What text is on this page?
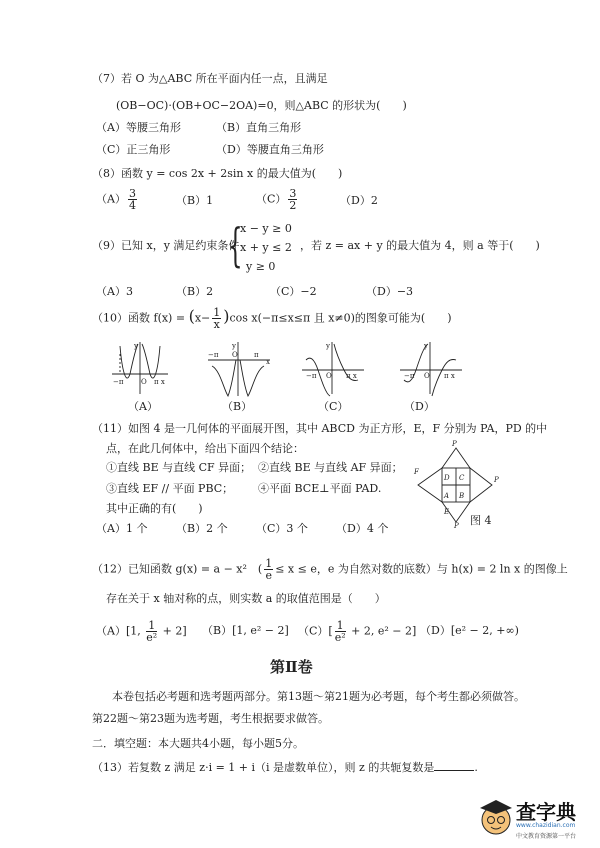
（7）若 O 为△ABC 所在平面内任一点，且满足
(OB−OC)·(OB+OC−2OA)=0，则△ABC 的形状为(　　)
（A）等腰三角形	（B）直角三角形
（C）正三角形	（D）等腰直角三角形
（8）函数 y = cos 2x + 2sin x 的最大值为(　　)
$(A) \frac{3}{4}$	（B）1	$(C) \frac{3}{2}$	（D）2
（9）已知 x，y 满足约束条件
{
x − y ≥ 0
x + y ≤ 2
y ≥ 0
，若 z = ax + y 的最大值为 4，则 a 等于(　　)
（A）3	（B）2	（C）−2	（D）−3
（10）函数 $f(x) = (x- \frac{1}{x} )\cos$ x(−π≤x≤π 且 x≠0)的图象可能为(　　)
y
−π	O π x
y
−π O π
x
y
−π O π x
y
−π O π x
（A）	（B）	（C）	（D）
（11）如图 4 是一几何体的平面展开图，其中 ABCD 为正方形，E，F 分别为 PA，PD 的中
点，在此几何体中，给出下面四个结论：
①直线 BE 与直线 CF 异面； ②直线 BE 与直线 AF 异面；
③直线 EF // 平面 PBC； ④平面 BCE⊥平面 PAD.
其中正确的有(　　)
（A）1 个	（B）2 个	（C）3 个	（D）4 个
P
P
F
D C
A B
E
P 图 4
（12）已知函数 g(x) = a − x²　( $\frac{1}{e} \le x \le e$，e 为自然对数的底数）与 h(x) = 2 ln x 的图像上
存在关于 x 轴对称的点，则实数 a 的取值范围是（　　）
（A）[1, $\frac{1}{\text{e²}} + 2$] （B）[1, e² − 2] $(C)[ \frac{1}{\text{e²}} + 2$, e² − 2] （D）[e² − 2, +∞)
第Ⅱ卷
本卷包括必考题和选考题两部分。第13题～第21题为必考题，每个考生都必须做答。
第22题～第23题为选考题，考生根据要求做答。
二．填空题：本大题共4小题，每小题5分。
（13）若复数 z 满足 z·i = 1 + i（i 是虚数单位），则 z 的共轭复数是	.
查字典
www.chazidian.com
中文教育资源第一平台
